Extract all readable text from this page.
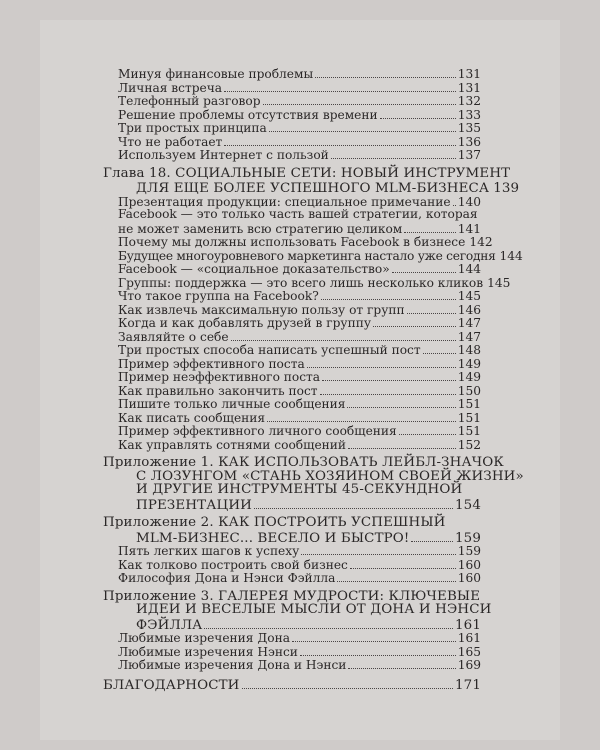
Минуя финансовые проблемы	131
Личная встреча	131
Телефонный разговор	132
Решение проблемы отсутствия времени	133
Три простых принципа	135
Что не работает	136
Используем Интернет с пользой	137
Глава 18. СОЦИАЛЬНЫЕ СЕТИ: НОВЫЙ ИНСТРУМЕНТ
ДЛЯ ЕЩЕ БОЛЕЕ УСПЕШНОГО MLM-БИЗНЕСА 139
Презентация продукции: специальное примечание 140
Facebook — это только часть вашей стратегии, которая
не может заменить всю стратегию целиком	141
Почему мы должны использовать Facebook в бизнесе 142
Будущее многоуровневого маркетинга настало уже сегодня 144
Facebook — «социальное доказательство»	144
Группы: поддержка — это всего лишь несколько кликов 145
Что такое группа на Facebook?	145
Как извлечь максимальную пользу от групп	146
Когда и как добавлять друзей в группу	147
Заявляйте о себе	147
Три простых способа написать успешный пост	148
Пример эффективного поста	149
Пример неэффективного поста	149
Как правильно закончить пост	150
Пишите только личные сообщения	151
Как писать сообщения	151
Пример эффективного личного сообщения	151
Как управлять сотнями сообщений	152
Приложение 1. КАК ИСПОЛЬЗОВАТЬ ЛЕЙБЛ-ЗНАЧОК
С ЛОЗУНГОМ «СТАНЬ ХОЗЯИНОМ СВОЕЙ ЖИЗНИ»
И ДРУГИЕ ИНСТРУМЕНТЫ 45-СЕКУНДНОЙ
ПРЕЗЕНТАЦИИ	154
Приложение 2. КАК ПОСТРОИТЬ УСПЕШНЫЙ
MLM-БИЗНЕС... ВЕСЕЛО И БЫСТРО!	159
Пять легких шагов к успеху	159
Как толково построить свой бизнес	160
Философия Дона и Нэнси Фэйлла	160
Приложение 3. ГАЛЕРЕЯ МУДРОСТИ: КЛЮЧЕВЫЕ
ИДЕИ И ВЕСЕЛЫЕ МЫСЛИ ОТ ДОНА И НЭНСИ
ФЭЙЛЛА	161
Любимые изречения Дона	161
Любимые изречения Нэнси	165
Любимые изречения Дона и Нэнси	169
БЛАГОДАРНОСТИ	171
